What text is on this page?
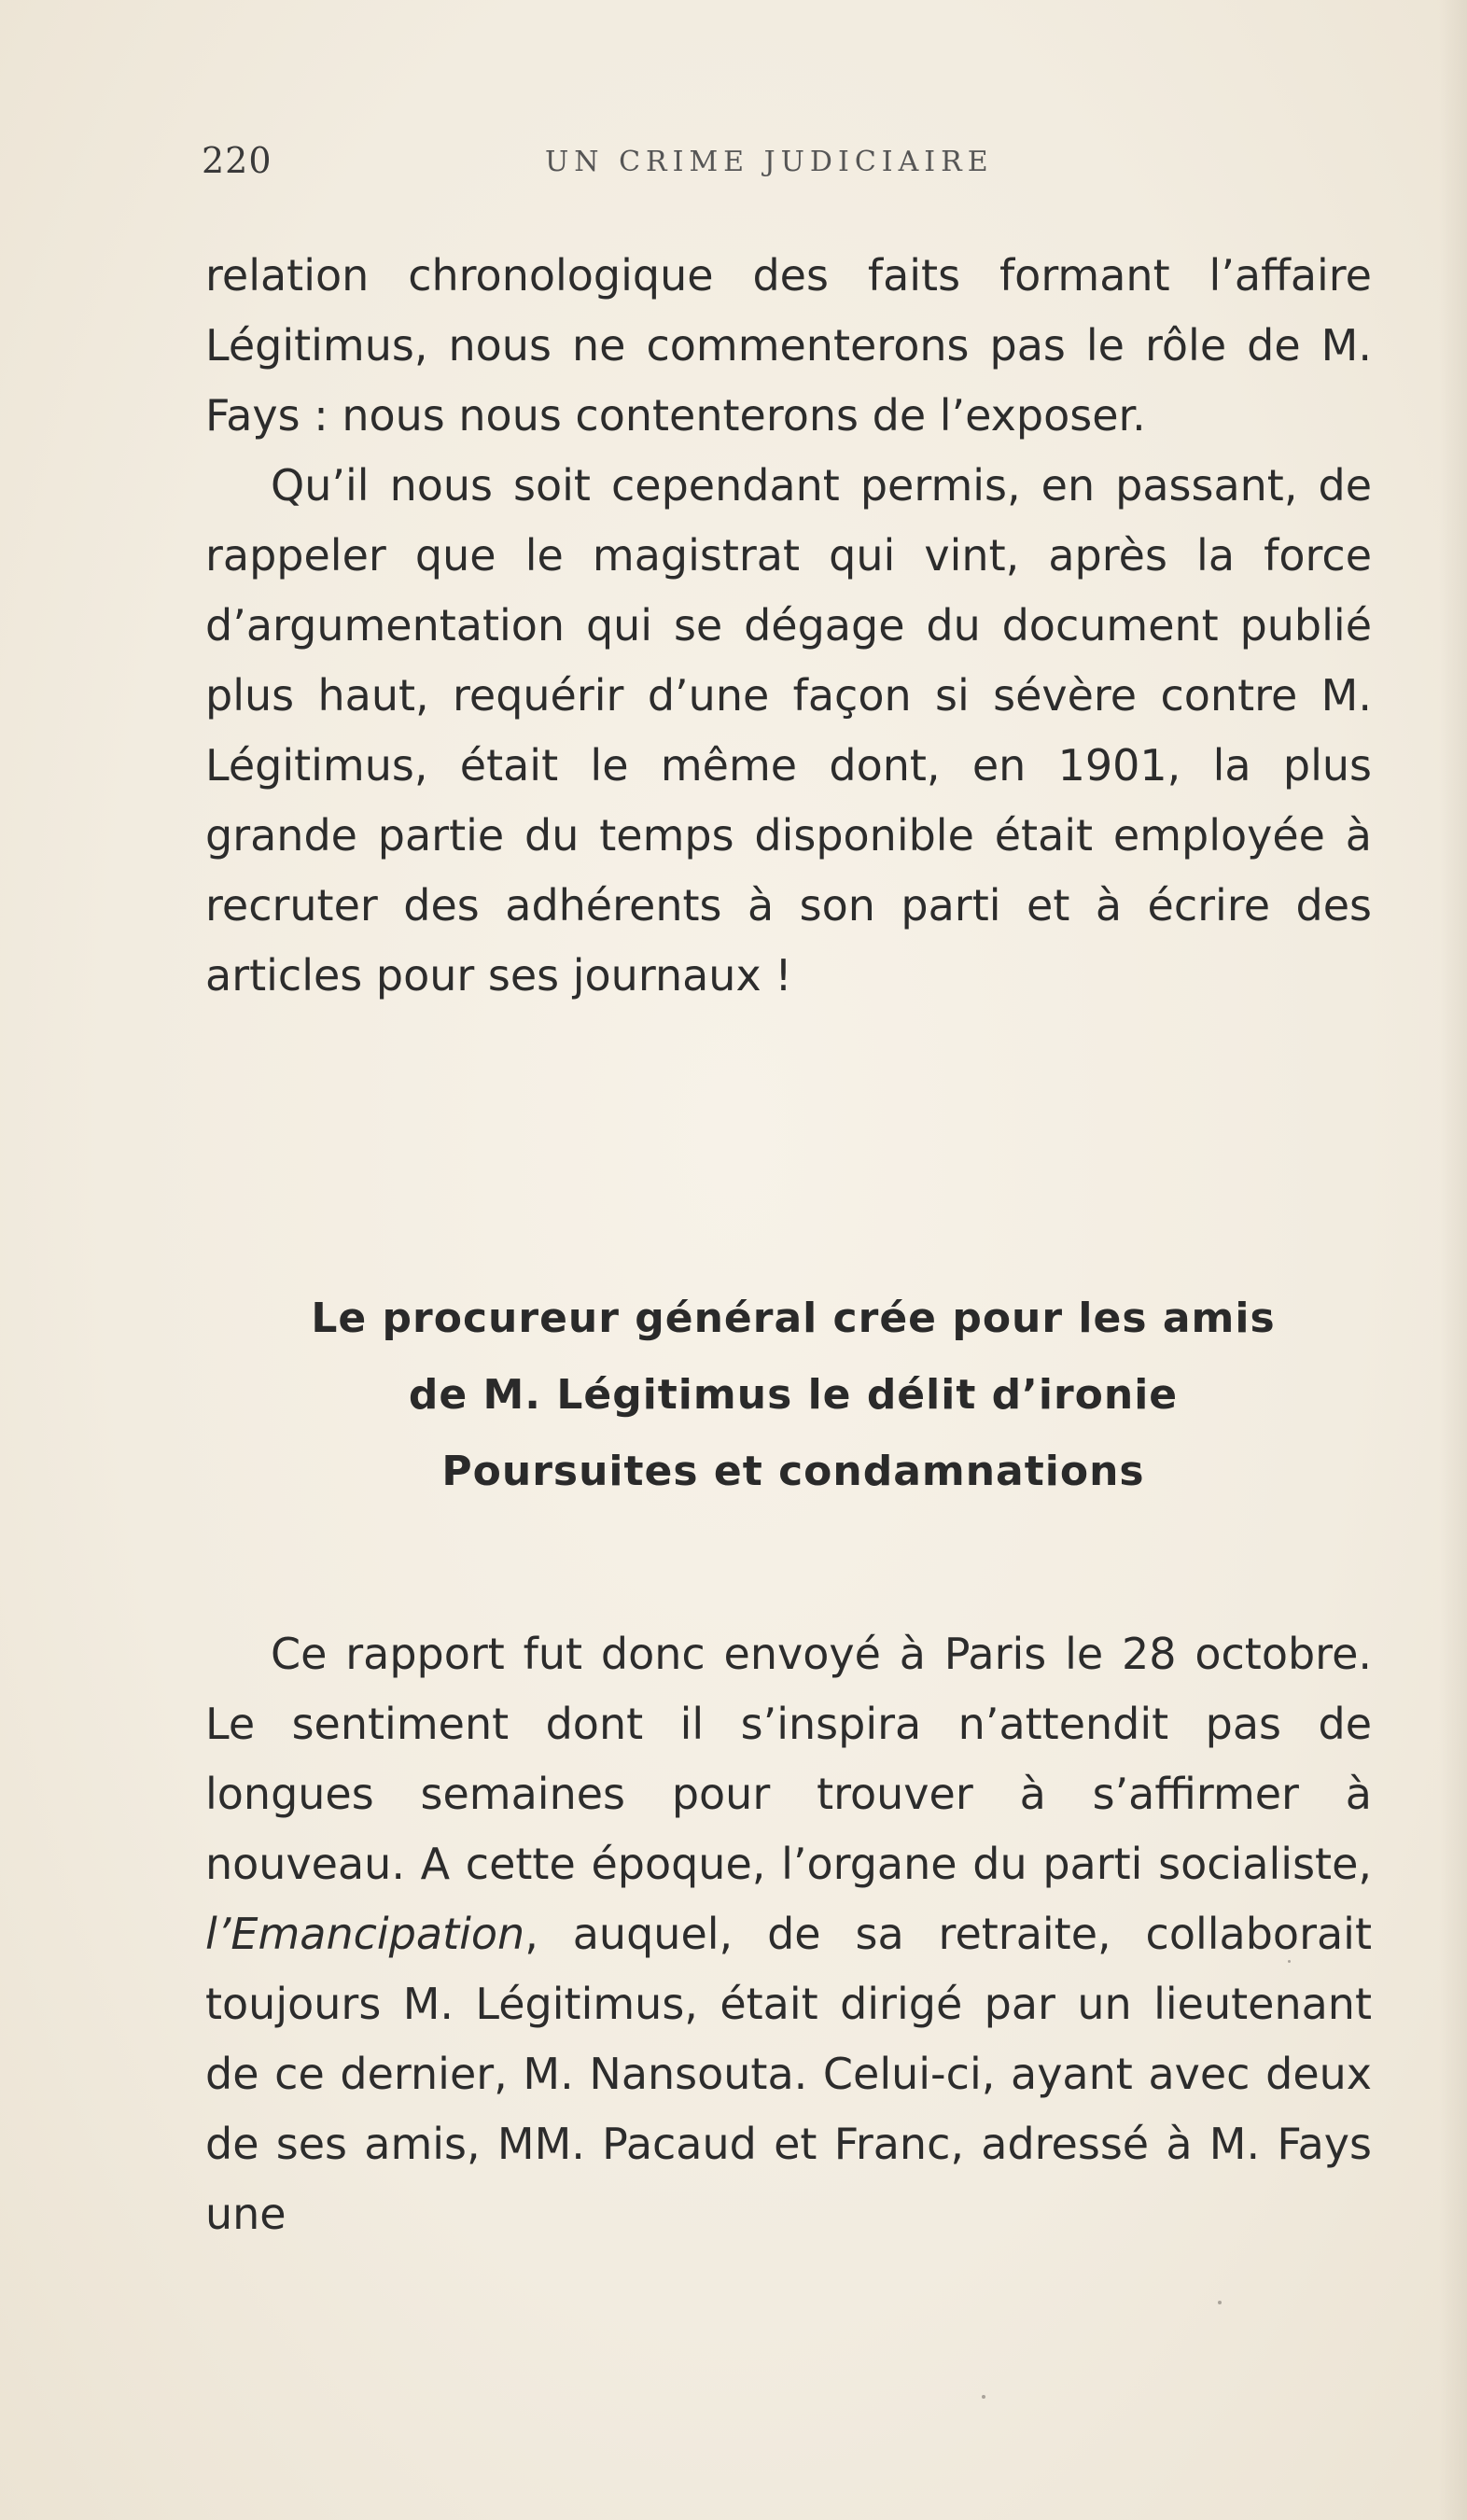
220	UN CRIME JUDICIAIRE

relation chronologique des faits formant l’affaire Légitimus, nous ne commenterons pas le rôle de M. Fays : nous nous contenterons de l’exposer.

Qu’il nous soit cependant permis, en passant, de rappeler que le magistrat qui vint, après la force d’argumentation qui se dégage du document publié plus haut, requérir d’une façon si sévère contre M. Légitimus, était le même dont, en 1901, la plus grande partie du temps disponible était employée à recruter des adhérents à son parti et à écrire des articles pour ses journaux !

Le procureur général crée pour les amis
de M. Légitimus le délit d’ironie
Poursuites et condamnations

Ce rapport fut donc envoyé à Paris le 28 octobre. Le sentiment dont il s’inspira n’attendit pas de longues semaines pour trouver à s’affirmer à nouveau. A cette époque, l’organe du parti socialiste, l’Emancipation, auquel, de sa retraite, collaborait toujours M. Légitimus, était dirigé par un lieutenant de ce dernier, M. Nansouta. Celui-ci, ayant avec deux de ses amis, MM. Pacaud et Franc, adressé à M. Fays une
